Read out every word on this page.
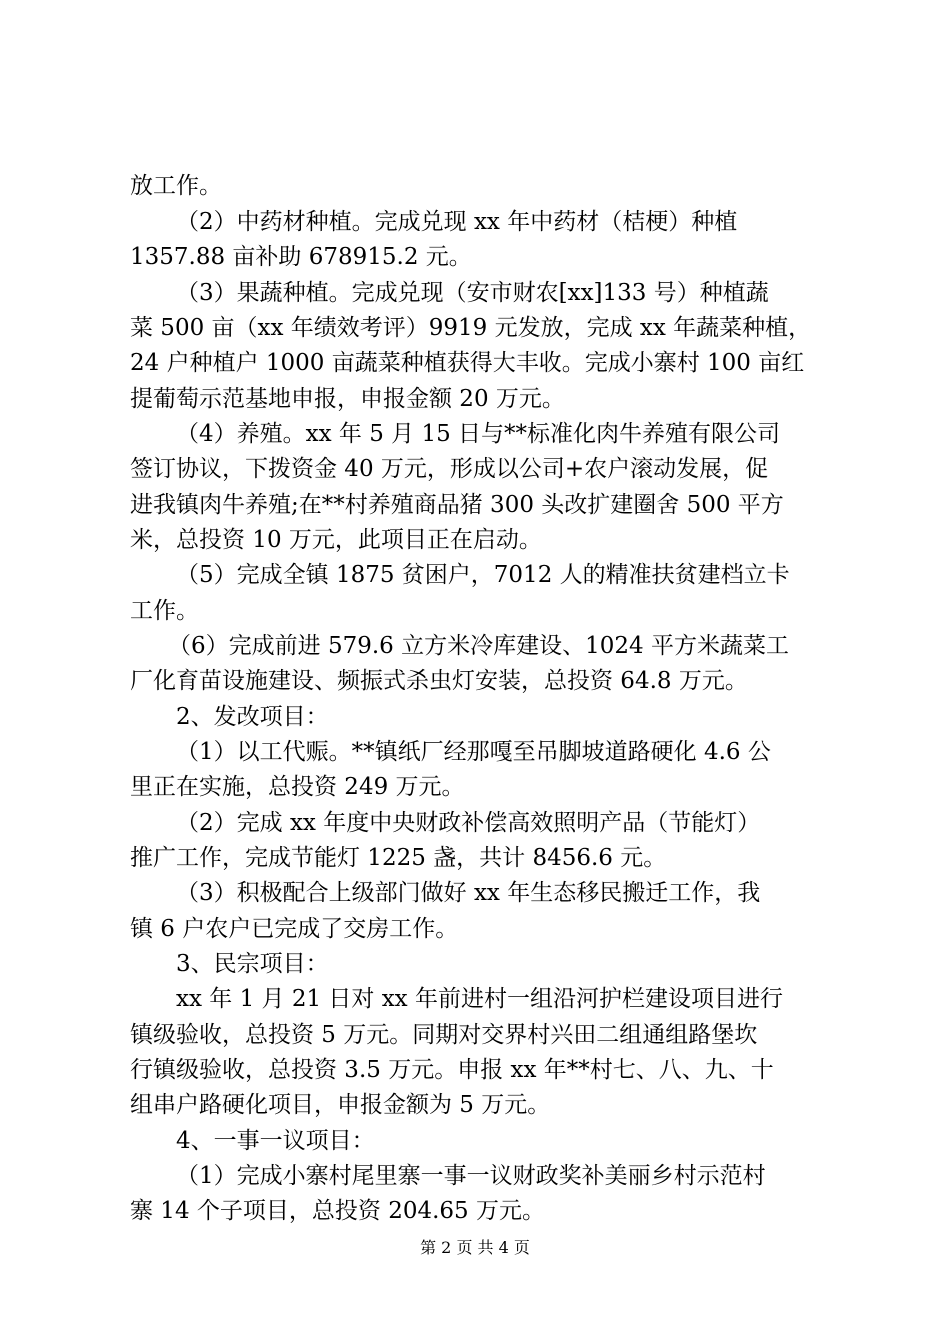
放工作。
（2）中药材种植。完成兑现 xx 年中药材（桔梗）种植
1357.88 亩补助 678915.2 元。
（3）果蔬种植。完成兑现（安市财农[xx]133 号）种植蔬
菜 500 亩（xx 年绩效考评）9919 元发放，完成 xx 年蔬菜种植，
24 户种植户 1000 亩蔬菜种植获得大丰收。完成小寨村 100 亩红
提葡萄示范基地申报，申报金额 20 万元。
（4）养殖。xx 年 5 月 15 日与**标准化肉牛养殖有限公司
签订协议，下拨资金 40 万元，形成以公司+农户滚动发展，促
进我镇肉牛养殖;在**村养殖商品猪 300 头改扩建圈舍 500 平方
米，总投资 10 万元，此项目正在启动。
（5）完成全镇 1875 贫困户，7012 人的精准扶贫建档立卡
工作。
（6）完成前进 579.6 立方米冷库建设、1024 平方米蔬菜工
厂化育苗设施建设、频振式杀虫灯安装，总投资 64.8 万元。
2、发改项目：
（1）以工代赈。**镇纸厂经那嘎至吊脚坡道路硬化 4.6 公
里正在实施，总投资 249 万元。
（2）完成 xx 年度中央财政补偿高效照明产品（节能灯）
推广工作，完成节能灯 1225 盏，共计 8456.6 元。
（3）积极配合上级部门做好 xx 年生态移民搬迁工作，我
镇 6 户农户已完成了交房工作。
3、民宗项目：
xx 年 1 月 21 日对 xx 年前进村一组沿河护栏建设项目进行
镇级验收，总投资 5 万元。同期对交界村兴田二组通组路堡坎
行镇级验收，总投资 3.5 万元。申报 xx 年**村七、八、九、十
组串户路硬化项目，申报金额为 5 万元。
4、一事一议项目：
（1）完成小寨村尾里寨一事一议财政奖补美丽乡村示范村
寨 14 个子项目，总投资 204.65 万元。
第 2 页 共 4 页
